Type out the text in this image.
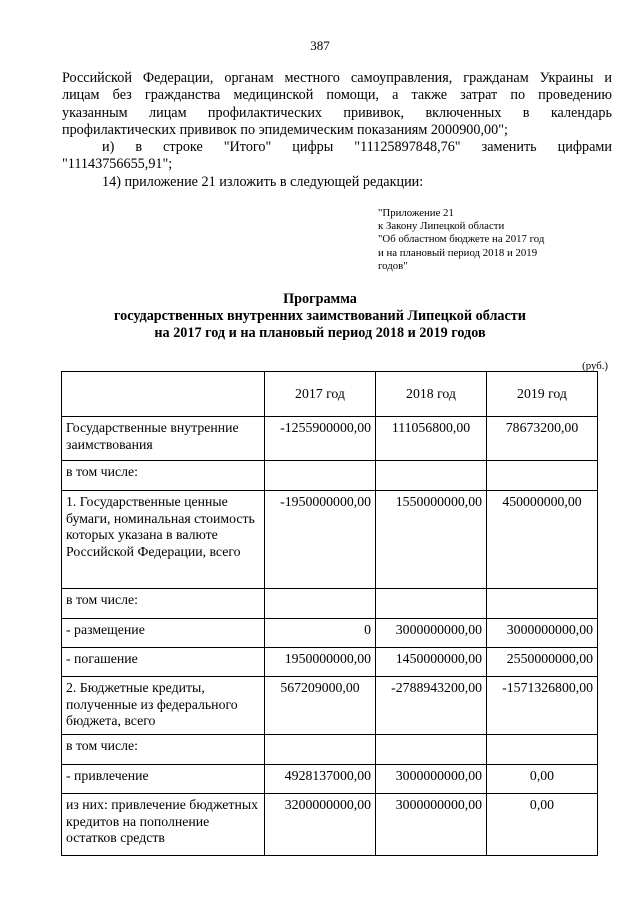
387

Российской Федерации, органам местного самоуправления, гражданам Украины и

лицам без гражданства медицинской помощи, а также затрат по проведению

указанным лицам профилактических прививок, включенных в календарь

профилактических прививок по эпидемическим показаниям 2000900,00";

и) в строке "Итого" цифры "11125897848,76" заменить цифрами

"11143756655,91";

14) приложение 21 изложить в следующей редакции:

"Приложение 21
к Закону Липецкой области
"Об областном бюджете на 2017 год
и на плановый период 2018 и 2019
годов"
Программа
государственных внутренних заимствований Липецкой области
на 2017 год и на плановый период 2018 и 2019 годов
(руб.)
	2017 год	2018 год	2019 год
Государственные внутренние заимствования	-1255900000,00	111056800,00	78673200,00
в том числе:			
1. Государственные ценные бумаги, номинальная стоимость которых указана в валюте Российской Федерации, всего	-1950000000,00	1550000000,00	450000000,00
в том числе:			
- размещение	0	3000000000,00	3000000000,00
- погашение	1950000000,00	1450000000,00	2550000000,00
2. Бюджетные кредиты, полученные из федерального бюджета, всего	567209000,00	-2788943200,00	-1571326800,00
в том числе:			
- привлечение	4928137000,00	3000000000,00	0,00
из них: привлечение бюджетных кредитов на пополнение остатков средств	3200000000,00	3000000000,00	0,00
